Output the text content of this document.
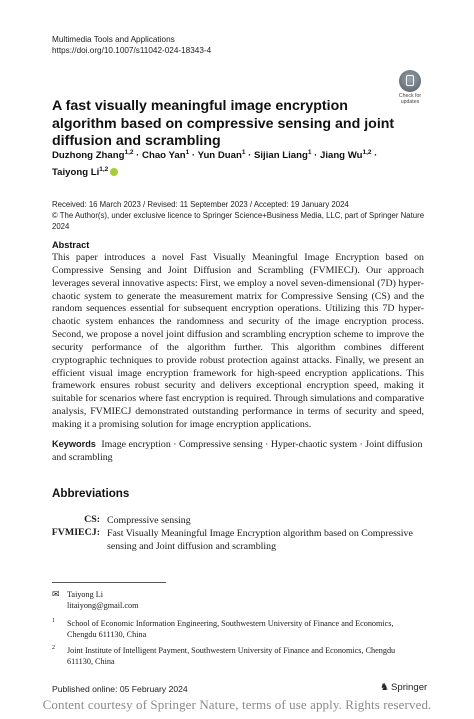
Multimedia Tools and Applications
https://doi.org/10.1007/s11042-024-18343-4
Check for
updates
A fast visually meaningful image encryption algorithm based on compressive sensing and joint diffusion and scrambling
Duzhong Zhang$^{1,2}$ · Chao Yan$^1$ · Yun Duan$^1$ · Sijian Liang$^1$ · Jiang Wu$^{1,2}$ ·
Taiyong Li$^{1,2}$
Received: 16 March 2023 / Revised: 11 September 2023 / Accepted: 19 January 2024
© The Author(s), under exclusive licence to Springer Science+Business Media, LLC, part of Springer Nature 2024
Abstract
This paper introduces a novel Fast Visually Meaningful Image Encryption based on Compressive Sensing and Joint Diffusion and Scrambling (FVMIECJ). Our approach leverages several innovative aspects: First, we employ a novel seven-dimensional (7D) hyper-chaotic system to generate the measurement matrix for Compressive Sensing (CS) and the random sequences essential for subsequent encryption operations. Utilizing this 7D hyper-chaotic system enhances the randomness and security of the image encryption process. Second, we propose a novel joint diffusion and scrambling encryption scheme to improve the security performance of the algorithm further. This algorithm combines different cryptographic techniques to provide robust protection against attacks. Finally, we present an efficient visual image encryption framework for high-speed encryption applications. This framework ensures robust security and delivers exceptional encryption speed, making it suitable for scenarios where fast encryption is required. Through simulations and comparative analysis, FVMIECJ demonstrated outstanding performance in terms of security and speed, making it a promising solution for image encryption applications.
Keywords Image encryption · Compressive sensing · Hyper-chaotic system · Joint diffusion and scrambling
Abbreviations
CS: Compressive sensing
FVMIECJ: Fast Visually Meaningful Image Encryption algorithm based on Compressive sensing and Joint diffusion and scrambling
✉ Taiyong Li
litaiyong@gmail.com
1 School of Economic Information Engineering, Southwestern University of Finance and Economics, Chengdu 611130, China
2 Joint Institute of Intelligent Payment, Southwestern University of Finance and Economics, Chengdu 611130, China
Published online: 05 February 2024	♞ Springer
Content courtesy of Springer Nature, terms of use apply. Rights reserved.
